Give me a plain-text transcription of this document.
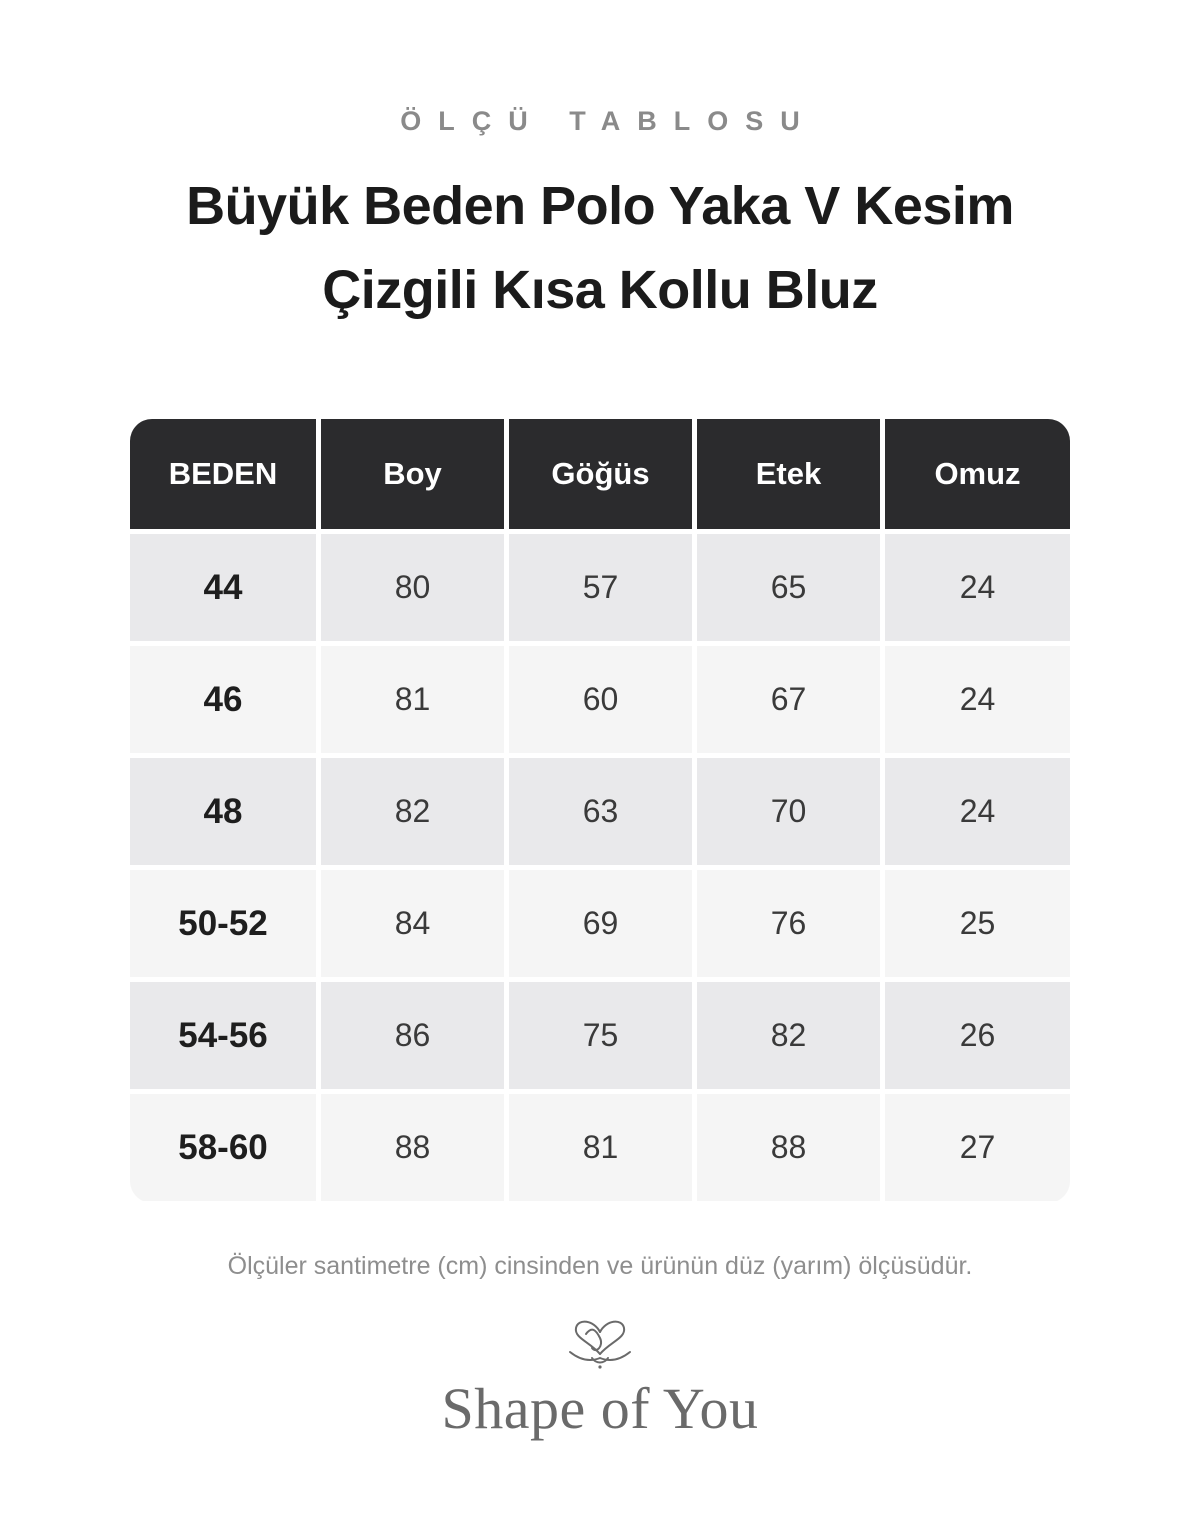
ÖLÇÜ TABLOSU
Büyük Beden Polo Yaka V Kesim
Çizgili Kısa Kollu Bluz
BEDEN	Boy	Göğüs	Etek	Omuz
44	80	57	65	24
46	81	60	67	24
48	82	63	70	24
50-52	84	69	76	25
54-56	86	75	82	26
58-60	88	81	88	27
Ölçüler santimetre (cm) cinsinden ve ürünün düz (yarım) ölçüsüdür.
Shape of You
